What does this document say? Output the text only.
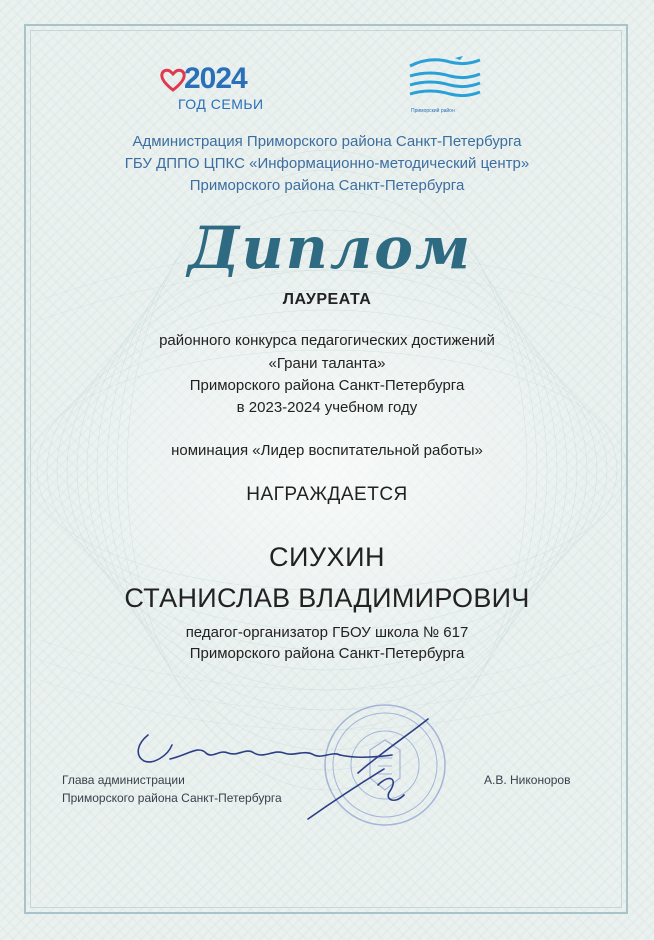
2024
ГОД СЕМЬИ	Приморский район
Администрация Приморского района Санкт-Петербурга
ГБУ ДППО ЦПКС «Информационно-методический центр»
Приморского района Санкт-Петербурга
Диплом
ЛАУРЕАТА
районного конкурса педагогических достижений
«Грани таланта»
Приморского района Санкт-Петербурга
в 2023-2024 учебном году
номинация «Лидер воспитательной работы»
НАГРАЖДАЕТСЯ
СИУХИН
СТАНИСЛАВ ВЛАДИМИРОВИЧ
педагог-организатор ГБОУ школа № 617
Приморского района Санкт-Петербурга
Глава администрации
Приморского района Санкт-Петербурга
А.В. Никоноров
